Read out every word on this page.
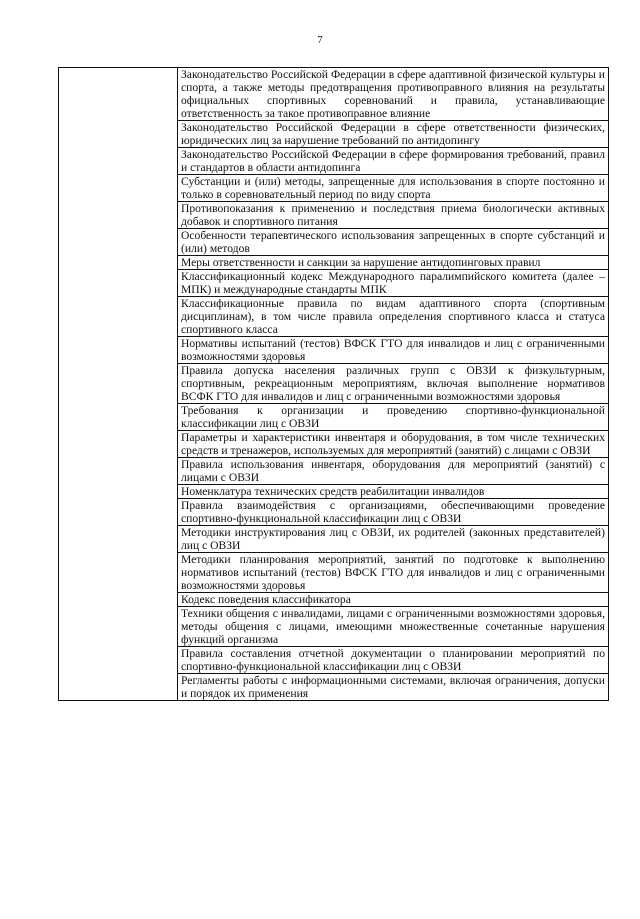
7
	Законодательство Российской Федерации в сфере адаптивной физической культуры и спорта, а также методы предотвращения противоправного влияния на результаты официальных спортивных соревнований и правила, устанавливающие ответственность за такое противоправное влияние
Законодательство Российской Федерации в сфере ответственности физических, юридических лиц за нарушение требований по антидопингу
Законодательство Российской Федерации в сфере формирования требований, правил и стандартов в области антидопинга
Субстанции и (или) методы, запрещенные для использования в спорте постоянно и только в соревновательный период по виду спорта
Противопоказания к применению и последствия приема биологически активных добавок и спортивного питания
Особенности терапевтического использования запрещенных в спорте субстанций и (или) методов
Меры ответственности и санкции за нарушение антидопинговых правил
Классификационный кодекс Международного паралимпийского комитета (далее – МПК) и международные стандарты МПК
Классификационные правила по видам адаптивного спорта (спортивным дисциплинам), в том числе правила определения спортивного класса и статуса спортивного класса
Нормативы испытаний (тестов) ВФСК ГТО для инвалидов и лиц с ограниченными возможностями здоровья
Правила допуска населения различных групп с ОВЗИ к физкультурным, спортивным, рекреационным мероприятиям, включая выполнение нормативов ВСФК ГТО для инвалидов и лиц с ограниченными возможностями здоровья
Требования к организации и проведению спортивно-функциональной классификации лиц с ОВЗИ
Параметры и характеристики инвентаря и оборудования, в том числе технических средств и тренажеров, используемых для мероприятий (занятий) с лицами с ОВЗИ
Правила использования инвентаря, оборудования для мероприятий (занятий) с лицами с ОВЗИ
Номенклатура технических средств реабилитации инвалидов
Правила взаимодействия с организациями, обеспечивающими проведение спортивно-функциональной классификации лиц с ОВЗИ
Методики инструктирования лиц с ОВЗИ, их родителей (законных представителей) лиц с ОВЗИ
Методики планирования мероприятий, занятий по подготовке к выполнению нормативов испытаний (тестов) ВФСК ГТО для инвалидов и лиц с ограниченными возможностями здоровья
Кодекс поведения классификатора
Техники общения с инвалидами, лицами с ограниченными возможностями здоровья, методы общения с лицами, имеющими множественные сочетанные нарушения функций организма
Правила составления отчетной документации о планировании мероприятий по спортивно-функциональной классификации лиц с ОВЗИ
Регламенты работы с информационными системами, включая ограничения, допуски и порядок их применения
